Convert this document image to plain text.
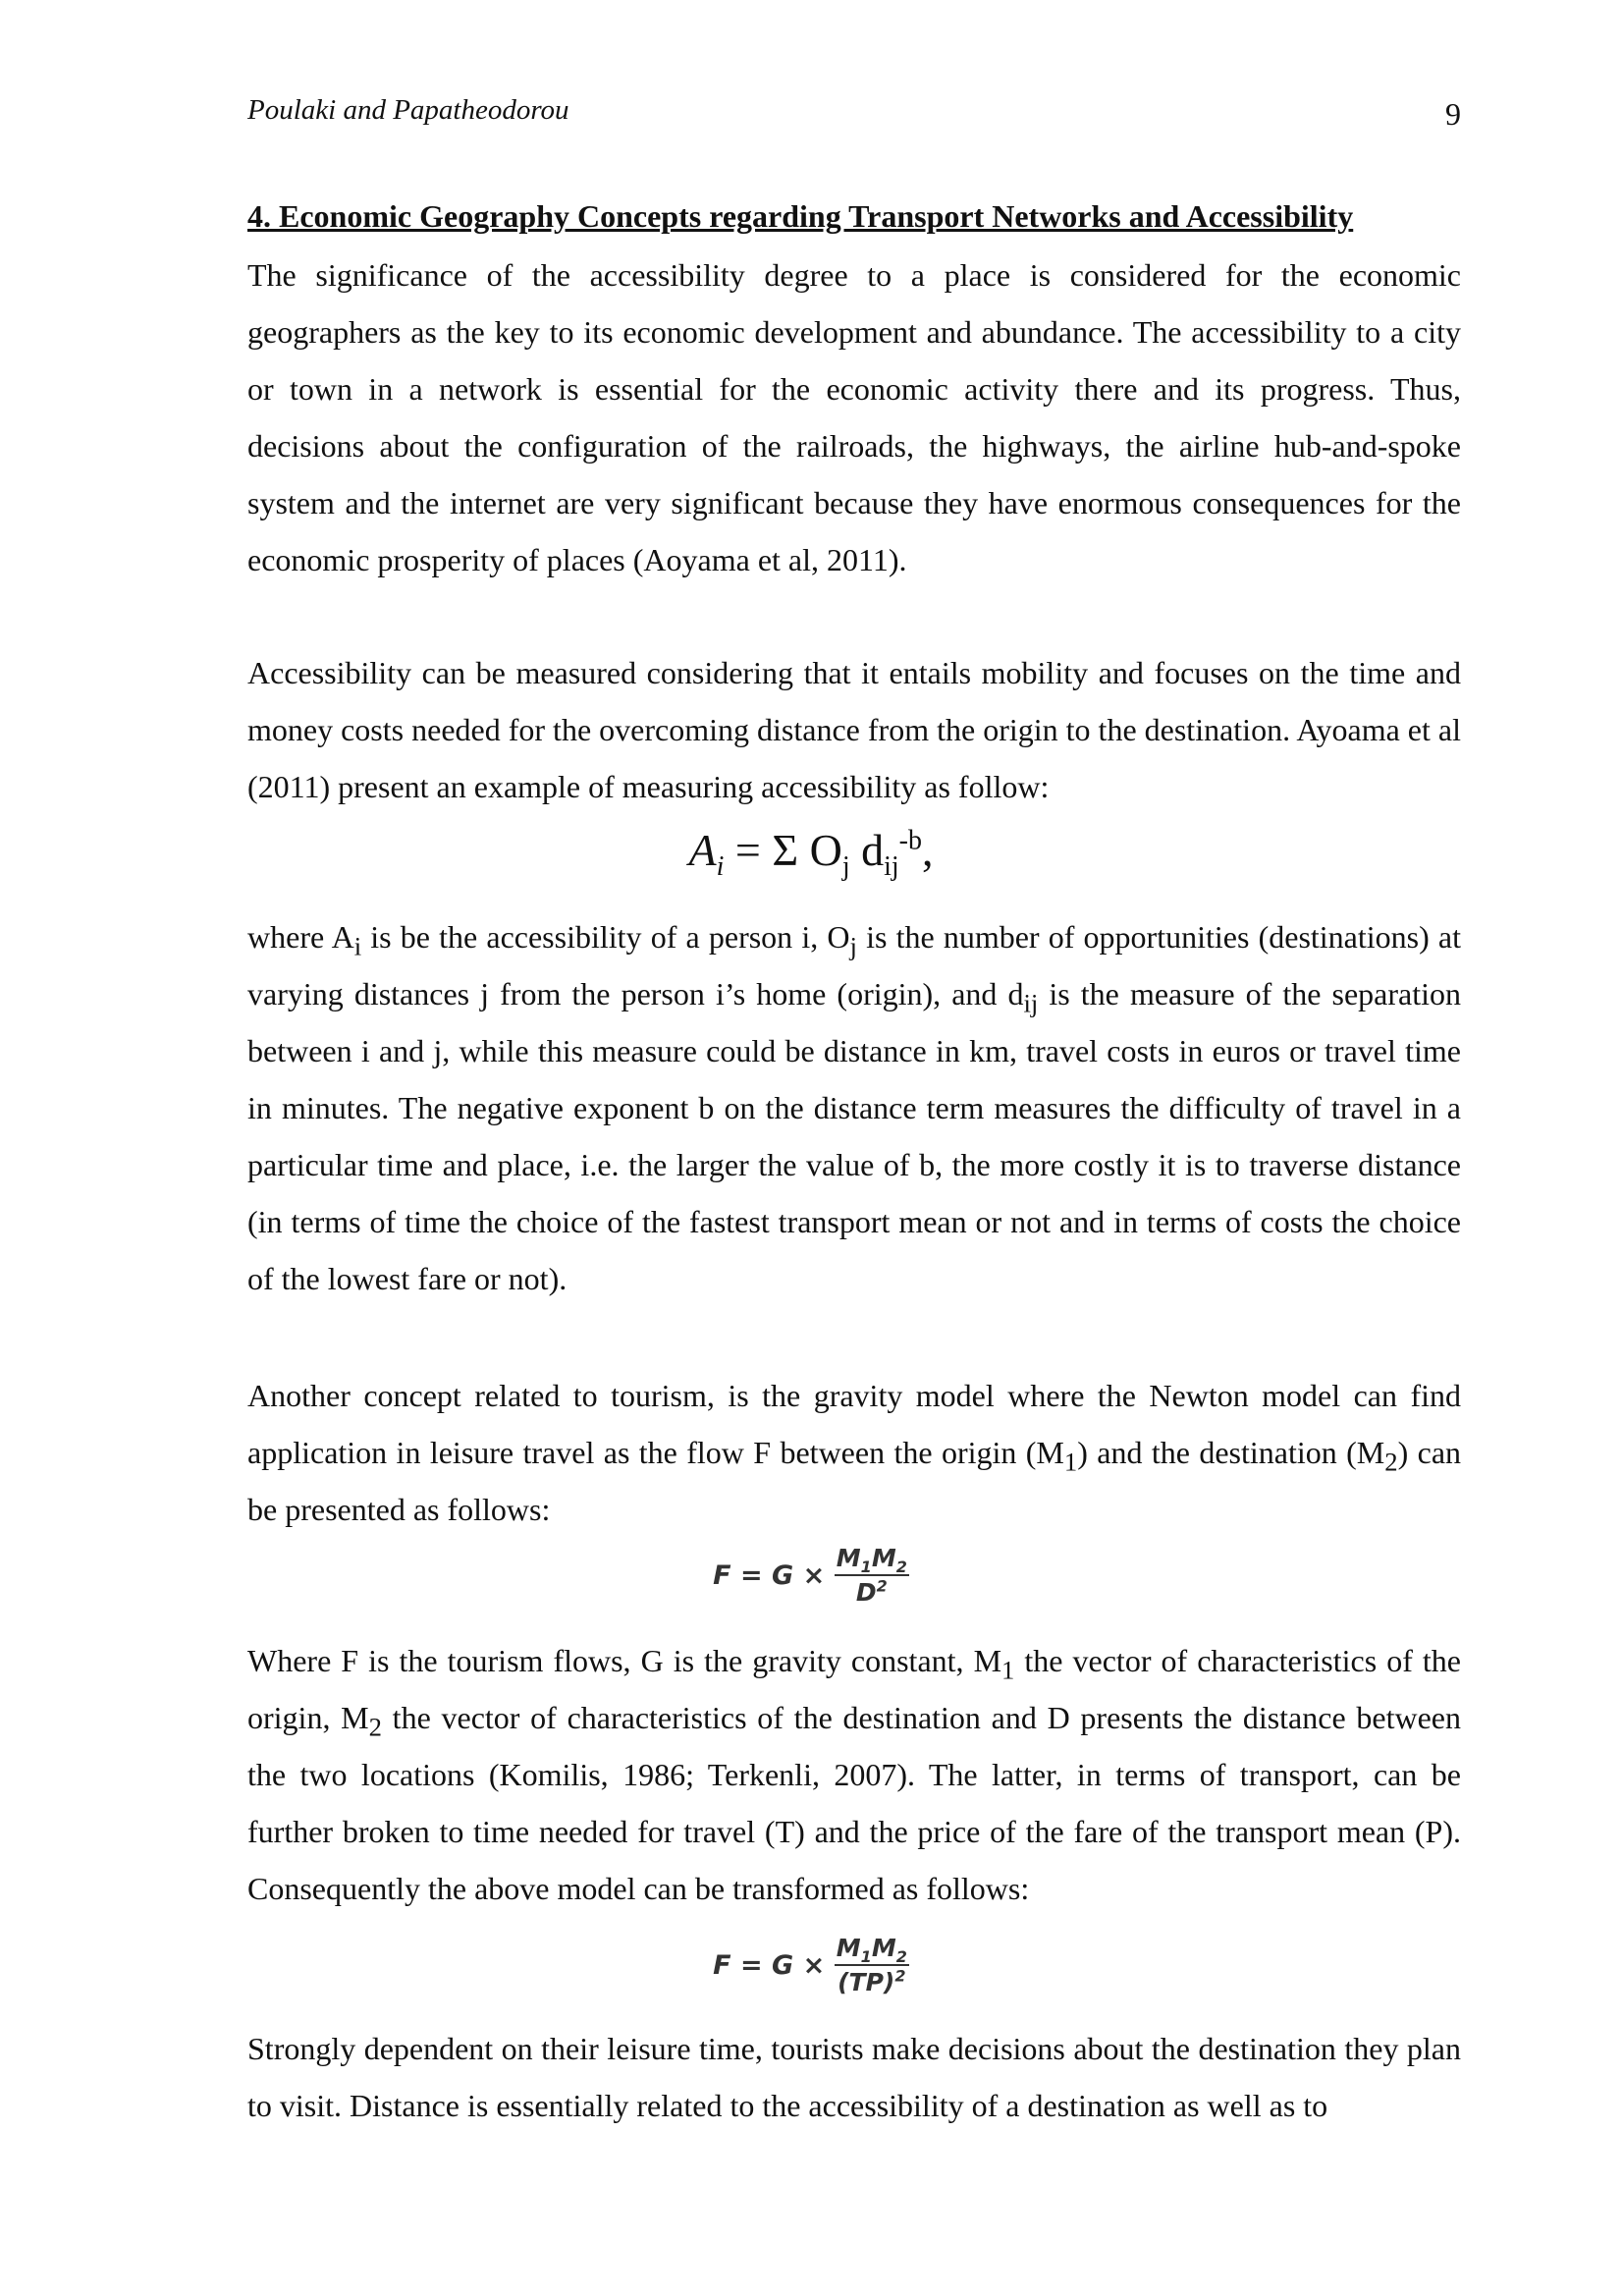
Poulaki and Papatheodorou	9
4. Economic Geography Concepts regarding Transport Networks and Accessibility
The significance of the accessibility degree to a place is considered for the economic geographers as the key to its economic development and abundance. The accessibility to a city or town in a network is essential for the economic activity there and its progress. Thus, decisions about the configuration of the railroads, the highways, the airline hub-and-spoke system and the internet are very significant because they have enormous consequences for the economic prosperity of places (Aoyama et al, 2011).
Accessibility can be measured considering that it entails mobility and focuses on the time and money costs needed for the overcoming distance from the origin to the destination. Ayoama et al (2011) present an example of measuring accessibility as follow:
$A_i = \Sigma$ $O_j$ $d_{ij}^{-b}$,
where $A_i$ is be the accessibility of a person i, $O_j$ is the number of opportunities (destinations) at varying distances j from the person i’s home (origin), and $d_{ij}$ is the measure of the separation between i and j, while this measure could be distance in km, travel costs in euros or travel time in minutes. The negative exponent b on the distance term measures the difficulty of travel in a particular time and place, i.e. the larger the value of b, the more costly it is to traverse distance (in terms of time the choice of the fastest transport mean or not and in terms of costs the choice of the lowest fare or not).
Another concept related to tourism, is the gravity model where the Newton model can find application in leisure travel as the flow F between the origin $(M_1)$ and the destination $(M_2)$ can be presented as follows:
$F = G \times \frac{M_1M_2}{D^2}$
Where F is the tourism flows, G is the gravity constant, $M_1$ the vector of characteristics of the origin, $M_2$ the vector of characteristics of the destination and D presents the distance between the two locations (Komilis, 1986; Terkenli, 2007). The latter, in terms of transport, can be further broken to time needed for travel (T) and the price of the fare of the transport mean (P). Consequently the above model can be transformed as follows:
$F = G \times \frac{M_1M_2}{(TP)^2}$
Strongly dependent on their leisure time, tourists make decisions about the destination they plan to visit. Distance is essentially related to the accessibility of a destination as well as to
